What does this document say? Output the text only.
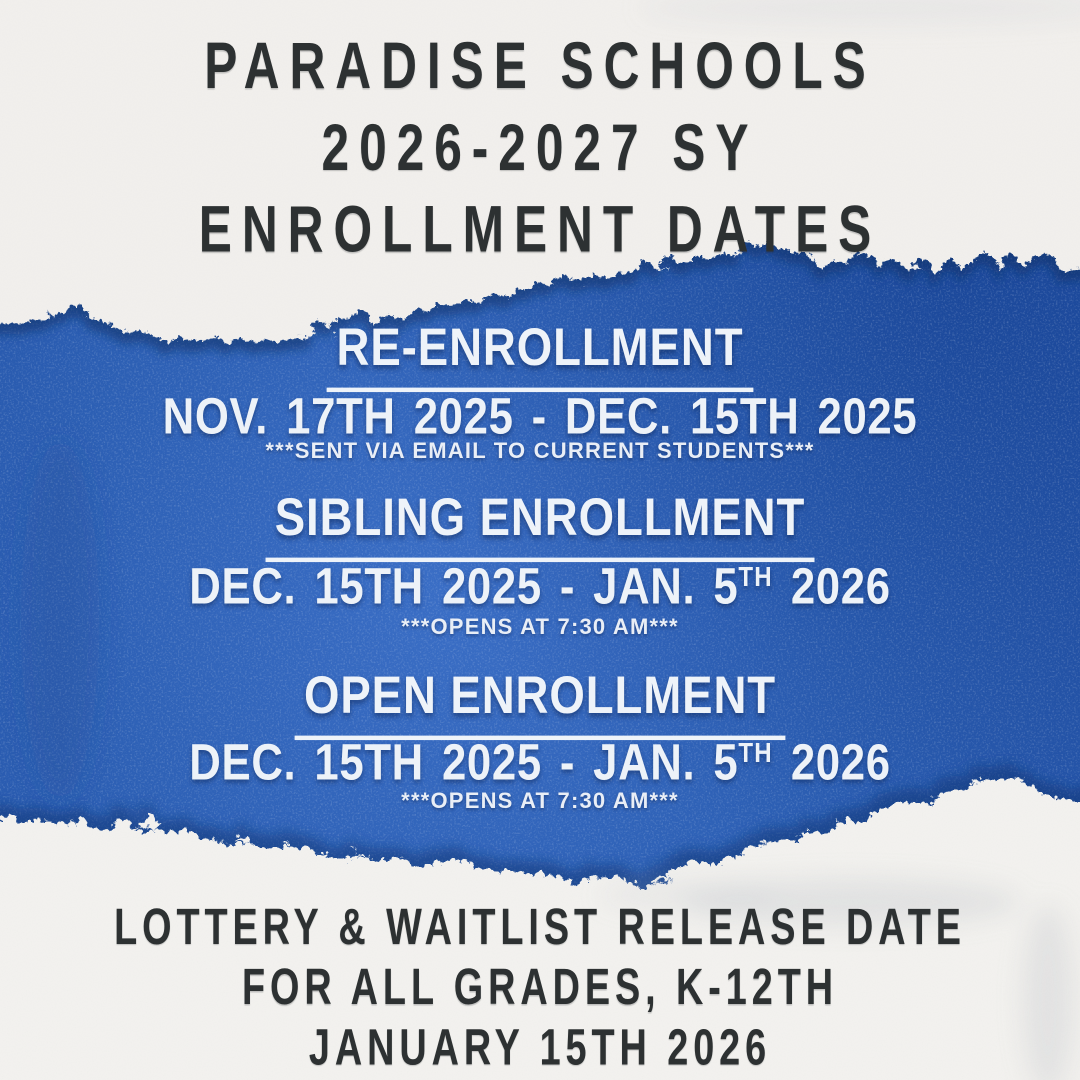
PARADISE SCHOOLS
2026-2027 SY
ENROLLMENT DATES
RE-ENROLLMENT
NOV. 17TH 2025 - DEC. 15TH 2025
***SENT VIA EMAIL TO CURRENT STUDENTS***
SIBLING ENROLLMENT
DEC. 15TH 2025 - JAN. 5TH 2026
***OPENS AT 7:30 AM***
OPEN ENROLLMENT
DEC. 15TH 2025 - JAN. 5TH 2026
***OPENS AT 7:30 AM***
LOTTERY & WAITLIST RELEASE DATE
FOR ALL GRADES, K-12TH
JANUARY 15TH 2026
